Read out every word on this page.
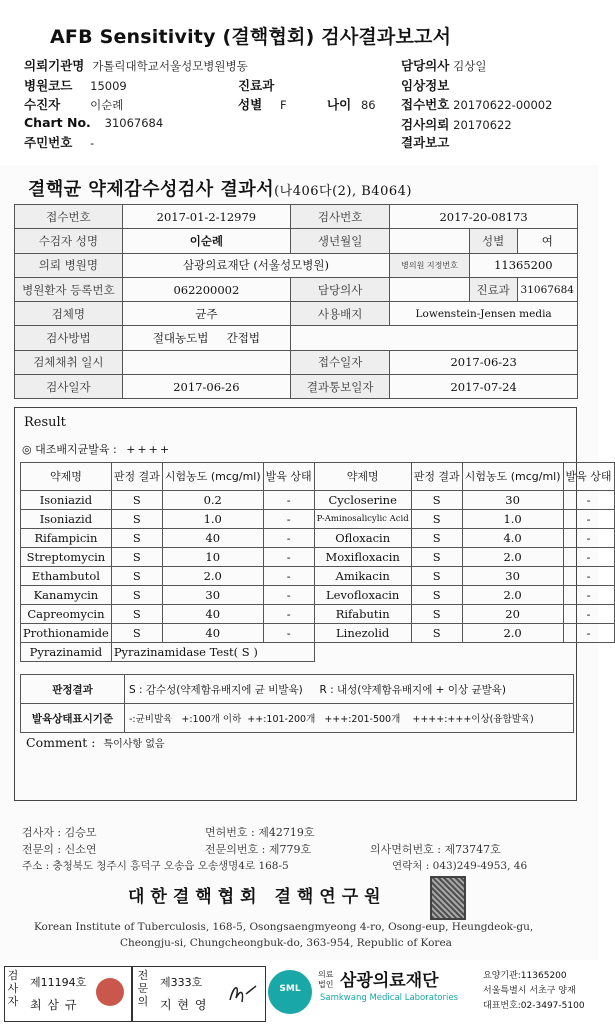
AFB Sensitivity (결핵협회) 검사결과보고서
의뢰기관명 가톨릭대학교서울성모병원병동	담당의사 김상일
병원코드 15009	진료과	임상정보
수진자	이순례	성별 F	나이 86 접수번호 20170622-00002
Chart No. 31067684	검사의뢰 20170622
주민번호 -	결과보고
결핵균 약제감수성검사 결과서(나406다(2), B4064)
접수번호	2017-01-2-12979	검사번호	2017-20-08173		
수검자 성명	이순례	생년월일		성별	여
의뢰 병원명	삼광의료재단 (서울성모병원)		병의원 지정번호	11365200	
병원환자 등록번호	062200002	담당의사		진료과	31067684
검체명	균주	사용배지	Lowenstein-Jensen media		
검사방법	절대농도법 간접법				
검체채취 일시		접수일자	2017-06-23		
검사일자	2017-06-26	결과통보일자	2017-07-24		
Result
◎ 대조배지균발육 : ++++
약제명	판정 결과	시험농도 (mcg/ml)	발육 상태	약제명	판정 결과	시험농도 (mcg/ml)	발육 상태
Isoniazid	S	0.2	-	Cycloserine	S	30	-
Isoniazid	S	1.0	-	P-Aminosalicylic Acid	S	1.0	-
Rifampicin	S	40	-	Ofloxacin	S	4.0	-
Streptomycin	S	10	-	Moxifloxacin	S	2.0	-
Ethambutol	S	2.0	-	Amikacin	S	30	-
Kanamycin	S	30	-	Levofloxacin	S	2.0	-
Capreomycin	S	40	-	Rifabutin	S	20	-
Prothionamide	S	40	-	Linezolid	S	2.0	-
Pyrazinamid	Pyrazinamidase Test( S )						
판정결과	S : 감수성(약제함유배지에 균 비발육) R : 내성(약제함유배지에 + 이상 균발육)
발육상태표시기준	-:균비발육   +:100개 이하  ++:101-200개   +++:201-500개    ++++:+++이상(융합발육)
Comment : 특이사항 없음
검사자 : 김승모	면허번호 : 제42719호
전문의 : 신소연	전문의번호 : 제779호	의사면허번호 : 제73747호
주소 : 충청북도 청주시 흥덕구 오송읍 오송생명4로 168-5	연락처 : 043)249-4953, 46
대한결핵협회 결핵연구원
Korean Institute of Tuberculosis, 168-5, Osongsaengmyeong 4-ro, Osong-eup, Heungdeok-gu,
Cheongju-si, Chungcheongbuk-do, 363-954, Republic of Korea
검사자
제11194호
최 삼 규
전문의
제333호
지 현 영
SML
의료법인 삼광의료재단
Samkwang Medical Laboratories
요양기관:11365200
서울특별시 서초구 양재
대표번호:02-3497-5100
